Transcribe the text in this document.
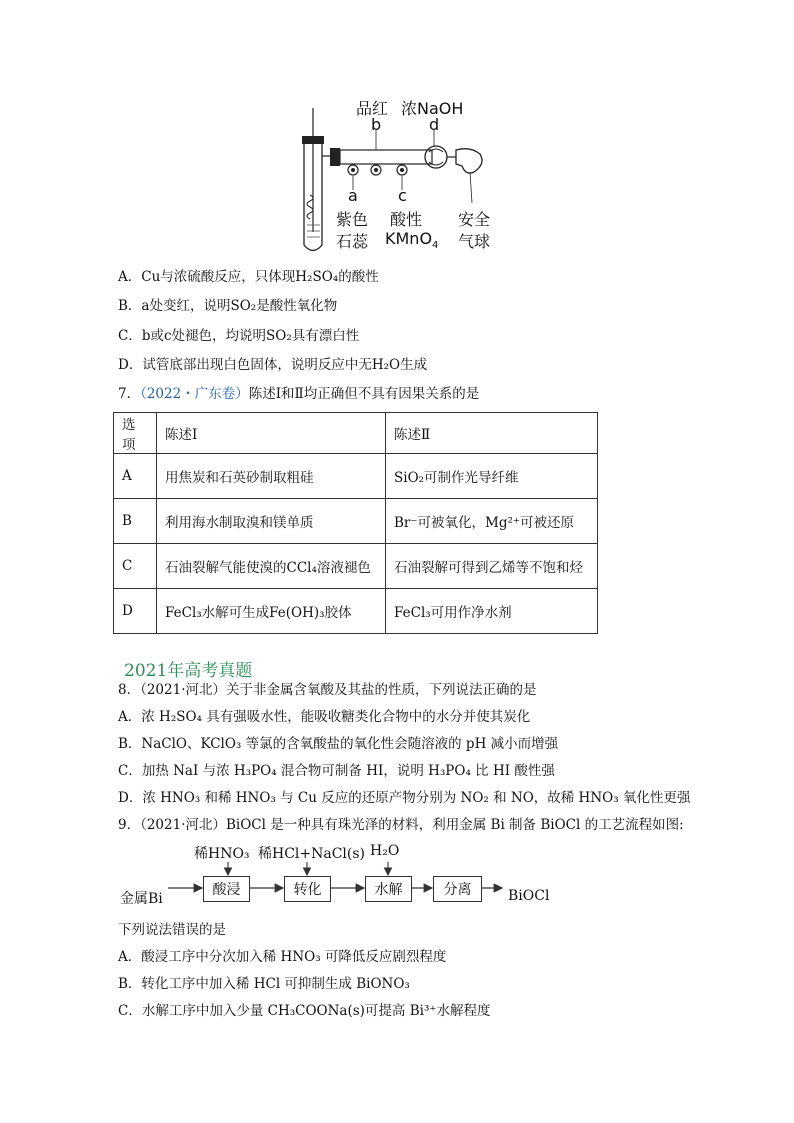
品红 浓NaOH
b	d
a	c
紫色
石蕊
酸性
KMnO$_4$
安全
气球
A．Cu与浓硫酸反应，只体现H₂SO₄的酸性
B．a处变红，说明SO₂是酸性氧化物
C．b或c处褪色，均说明SO₂具有漂白性
D．试管底部出现白色固体，说明反应中无H₂O生成
7．（2022・广东卷）陈述Ⅰ和Ⅱ均正确但不具有因果关系的是
选项	陈述Ⅰ	陈述Ⅱ
A	用焦炭和石英砂制取粗硅	SiO₂可制作光导纤维
B	利用海水制取溴和镁单质	Br⁻可被氧化，Mg²⁺可被还原
C	石油裂解气能使溴的CCl₄溶液褪色	石油裂解可得到乙烯等不饱和烃
D	FeCl₃水解可生成Fe(OH)₃胶体	FeCl₃可用作净水剂
2021年高考真题
8．（2021·河北）关于非金属含氧酸及其盐的性质，下列说法正确的是
A．浓 H₂SO₄ 具有强吸水性，能吸收糖类化合物中的水分并使其炭化
B．NaClO、KClO₃ 等氯的含氧酸盐的氧化性会随溶液的 pH 减小而增强
C．加热 NaI 与浓 H₃PO₄ 混合物可制备 HI，说明 H₃PO₄ 比 HI 酸性强
D．浓 HNO₃ 和稀 HNO₃ 与 Cu 反应的还原产物分别为 NO₂ 和 NO，故稀 HNO₃ 氧化性更强
9．（2021·河北）BiOCl 是一种具有珠光泽的材料，利用金属 Bi 制备 BiOCl 的工艺流程如图:
稀HNO₃ 稀HCl+NaCl(s) H₂O
金属Bi
酸浸	转化	水解	分离	BiOCl
下列说法错误的是
A．酸浸工序中分次加入稀 HNO₃ 可降低反应剧烈程度
B．转化工序中加入稀 HCl 可抑制生成 BiONO₃
C．水解工序中加入少量 CH₃COONa(s)可提高 Bi³⁺水解程度
